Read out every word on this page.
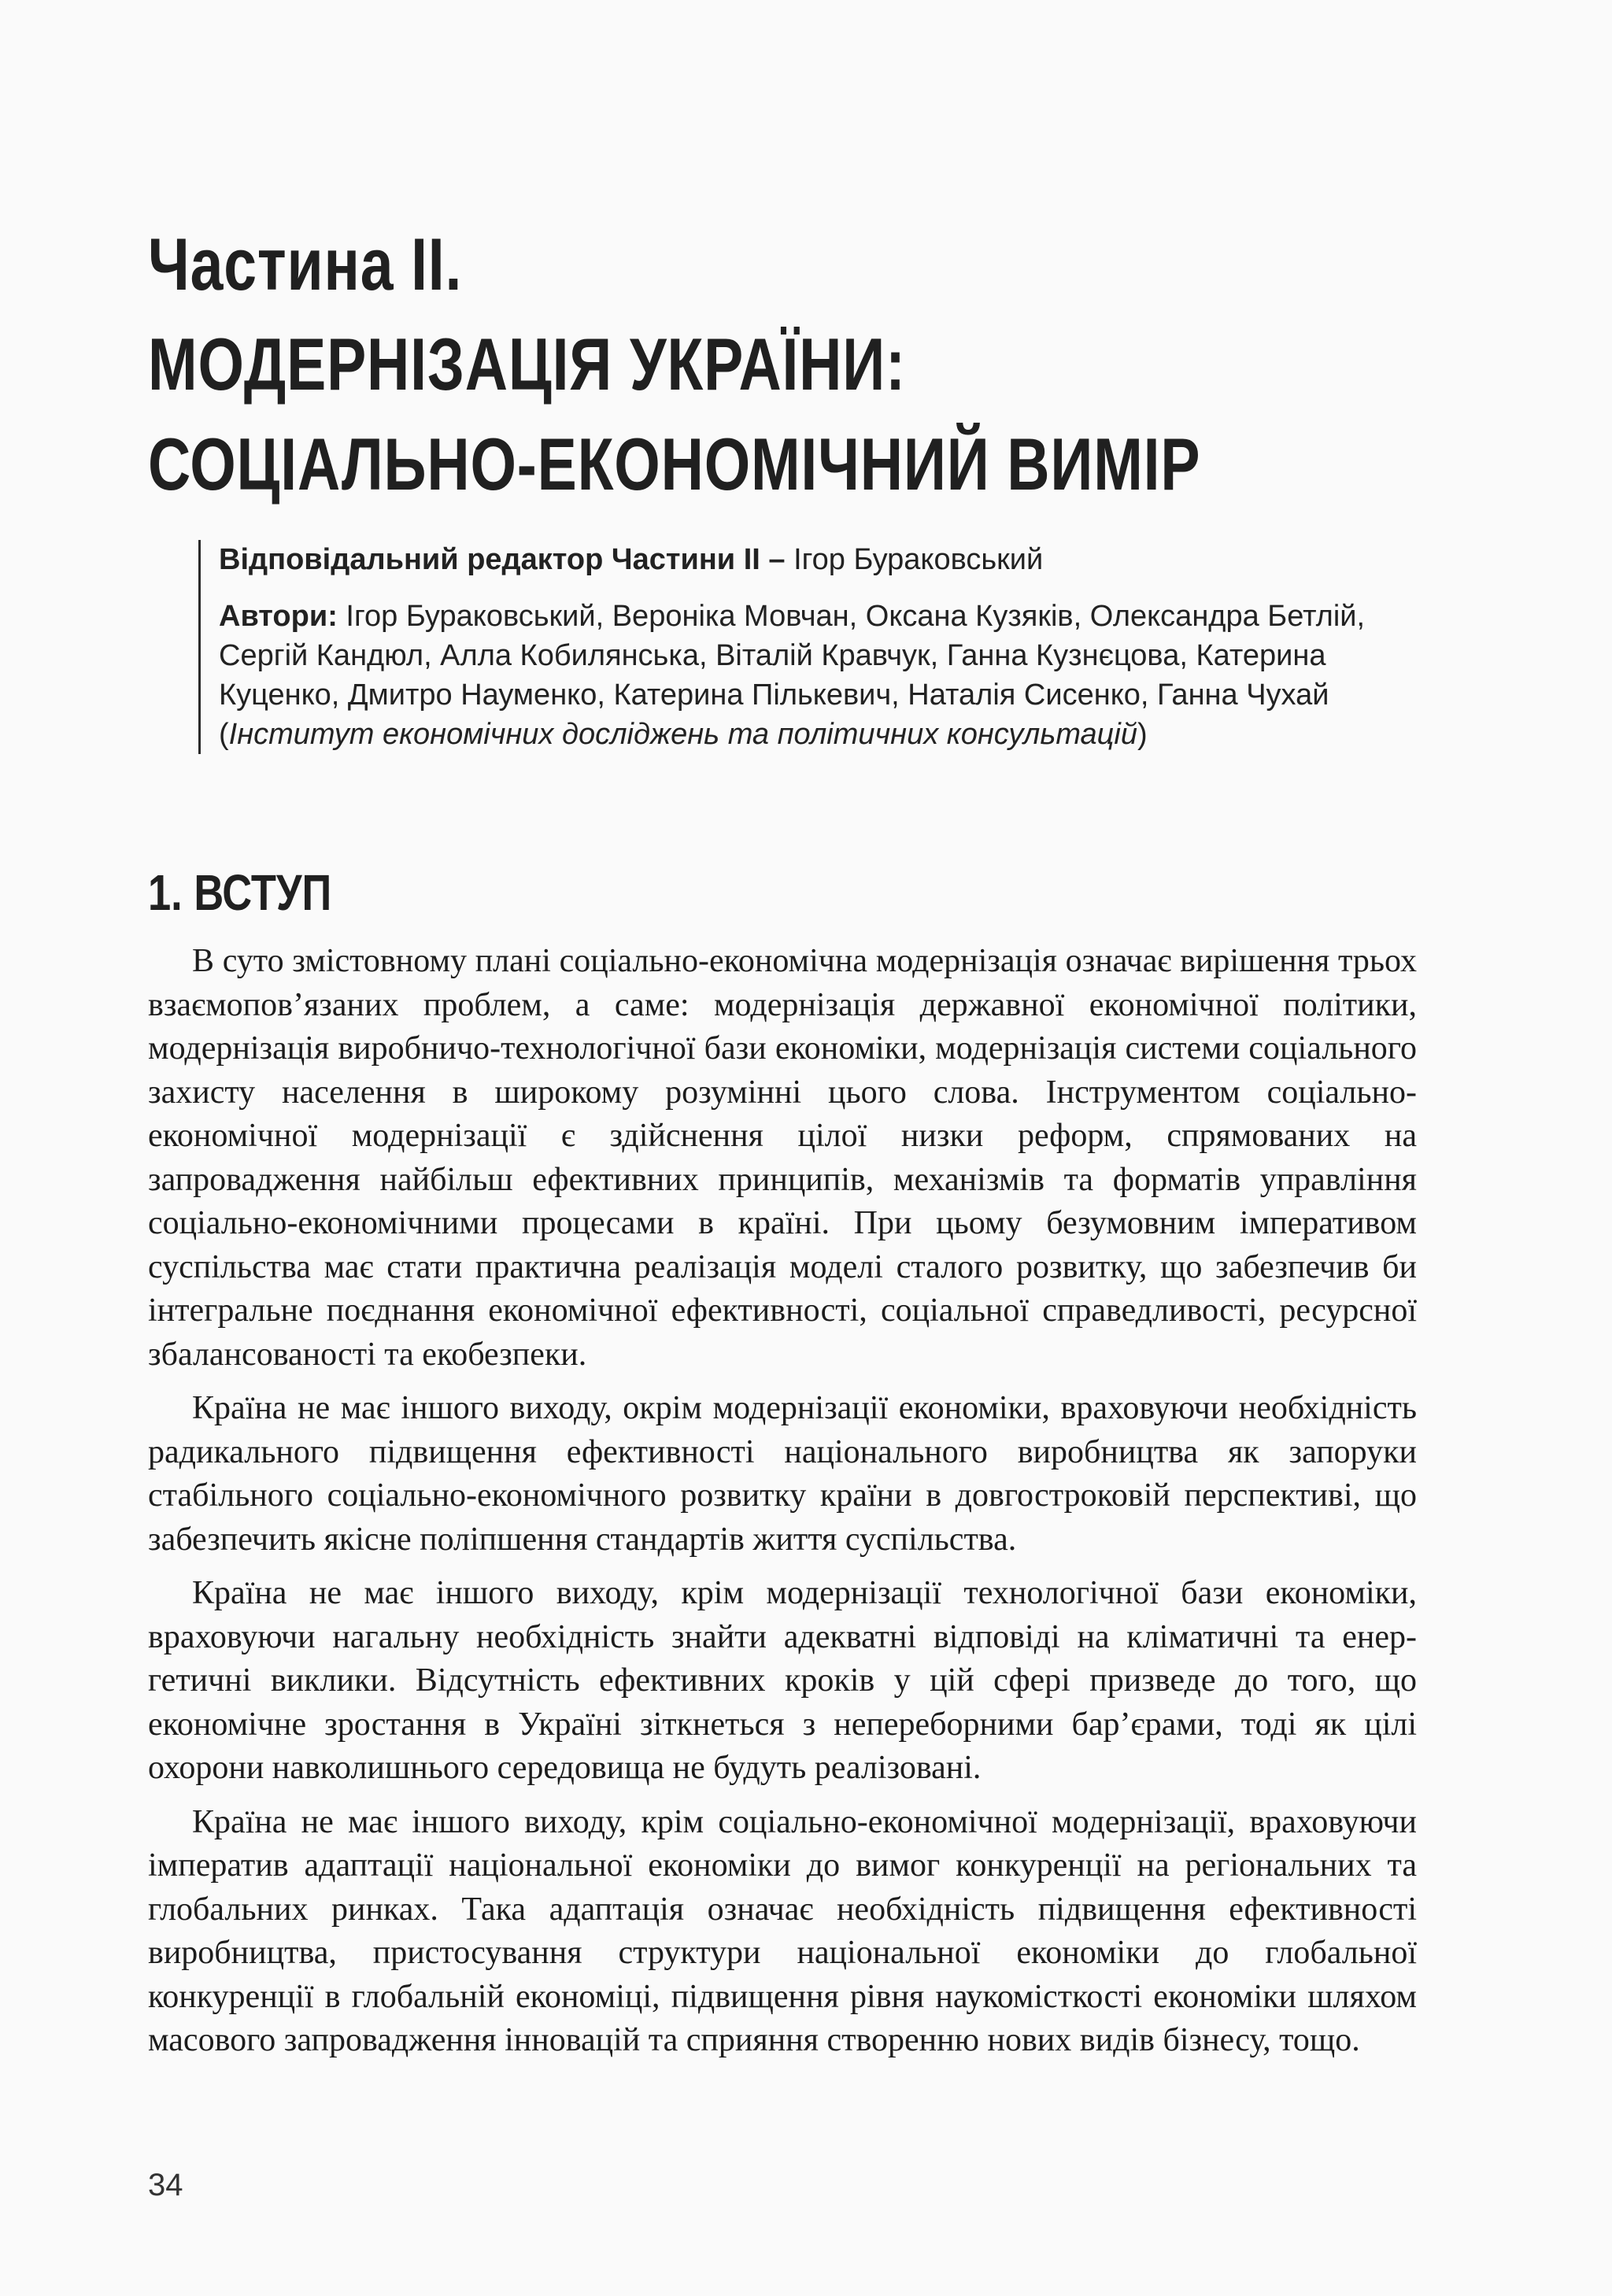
Частина ІІ.
МОДЕРНІЗАЦІЯ УКРАЇНИ:
СОЦІАЛЬНО-ЕКОНОМІЧНИЙ ВИМІР

Відповідальний редактор Частини ІІ – Ігор Бураковський

Автори: Ігор Бураковський, Вероніка Мовчан, Оксана Кузяків, Олександра Бетлій, Сергій Кандюл, Алла Кобилянська, Віталій Кравчук, Ганна Кузнєцова, Катерина Куценко, Дмитро Науменко, Катерина Пількевич, Наталія Сисенко, Ганна Чухай (Інститут економічних досліджень та політичних консультацій)

1. ВСТУП

В суто змістовному плані соціально-економічна модернізація означає вирішення трьох взаємопов’язаних проблем, а саме: модернізація державної економічної політики, модернізація виробничо-технологічної бази економіки, модернізація системи соціального захисту населення в широкому розумінні цього слова. Інструментом соціально-економічної модернізації є здійснення цілої низки реформ, спрямованих на запровадження найбільш ефективних принципів, механізмів та форматів управління соціально-економічними процесами в країні. При цьому безумовним імперативом суспільства має стати практична реалізація моделі сталого розвитку, що забезпечив би інтегральне поєднання економічної ефективності, соціальної справедливості, ресурсної збалансованості та екобезпеки.

Країна не має іншого виходу, окрім модернізації економіки, враховуючи необхідність радикального підвищення ефективності національного виробництва як запоруки стабільного соціально-економічного розвитку країни в довгостроковій перспективі, що забезпечить якісне поліпшення стандартів життя суспільства.

Країна не має іншого виходу, крім модернізації технологічної бази економіки, враховуючи нагальну необхідність знайти адекватні відповіді на кліматичні та енергетичні виклики. Відсутність ефективних кроків у цій сфері призведе до того, що економічне зростання в Україні зіткнеться з непереборними бар’єрами, тоді як цілі охорони навколишнього середовища не будуть реалізовані.

Країна не має іншого виходу, крім соціально-економічної модернізації, враховуючи імператив адаптації національної економіки до вимог конкуренції на регіональних та глобальних ринках. Така адаптація означає необхідність підвищення ефективності виробництва, пристосування структури національної економіки до глобальної конкуренції в глобальній економіці, підвищення рівня наукомісткості економіки шляхом масового запровадження інновацій та сприяння створенню нових видів бізнесу, тощо.

34
